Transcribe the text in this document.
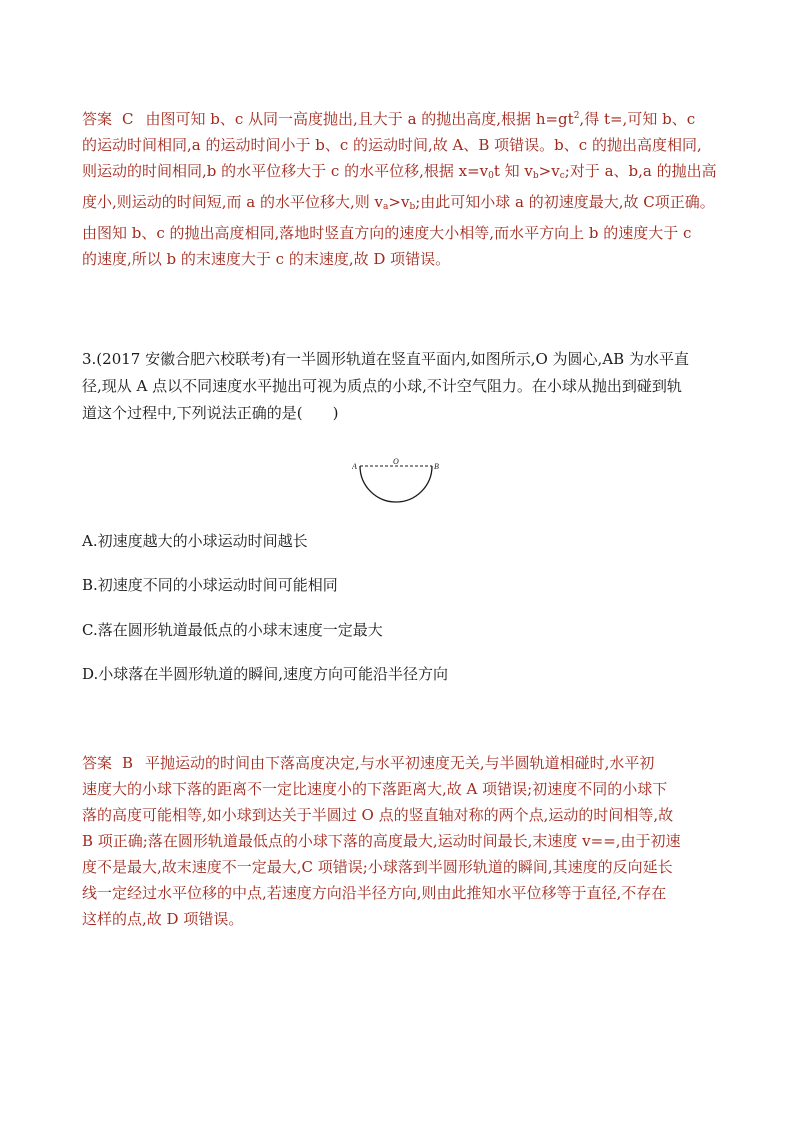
答案 C 由图可知 b、c 从同一高度抛出,且大于 a 的抛出高度,根据 $h=gt^2$,得 t=,可知 b、c
的运动时间相同,a 的运动时间小于 b、c 的运动时间,故 A、B 项错误。b、c 的抛出高度相同,
则运动的时间相同,b 的水平位移大于 c 的水平位移,根据 $x=v_0t$ 知 $v_b>v_c$;对于 a、b,a 的抛出高
度小,则运动的时间短,而 a 的水平位移大,则 $v_a>v_b$;由此可知小球 a 的初速度最大,故 C项正确。
由图知 b、c 的抛出高度相同,落地时竖直方向的速度大小相等,而水平方向上 b 的速度大于 c
的速度,所以 b 的末速度大于 c 的末速度,故 D 项错误。
3.(2017 安徽合肥六校联考)有一半圆形轨道在竖直平面内,如图所示,O 为圆心,AB 为水平直
径,现从 A 点以不同速度水平抛出可视为质点的小球,不计空气阻力。在小球从抛出到碰到轨
道这个过程中,下列说法正确的是(　　)
A
O
B
A.初速度越大的小球运动时间越长
B.初速度不同的小球运动时间可能相同
C.落在圆形轨道最低点的小球末速度一定最大
D.小球落在半圆形轨道的瞬间,速度方向可能沿半径方向
答案 B 平抛运动的时间由下落高度决定,与水平初速度无关,与半圆轨道相碰时,水平初
速度大的小球下落的距离不一定比速度小的下落距离大,故 A 项错误;初速度不同的小球下
落的高度可能相等,如小球到达关于半圆过 O 点的竖直轴对称的两个点,运动的时间相等,故
B 项正确;落在圆形轨道最低点的小球下落的高度最大,运动时间最长,末速度 v==,由于初速
度不是最大,故末速度不一定最大,C 项错误;小球落到半圆形轨道的瞬间,其速度的反向延长
线一定经过水平位移的中点,若速度方向沿半径方向,则由此推知水平位移等于直径,不存在
这样的点,故 D 项错误。
